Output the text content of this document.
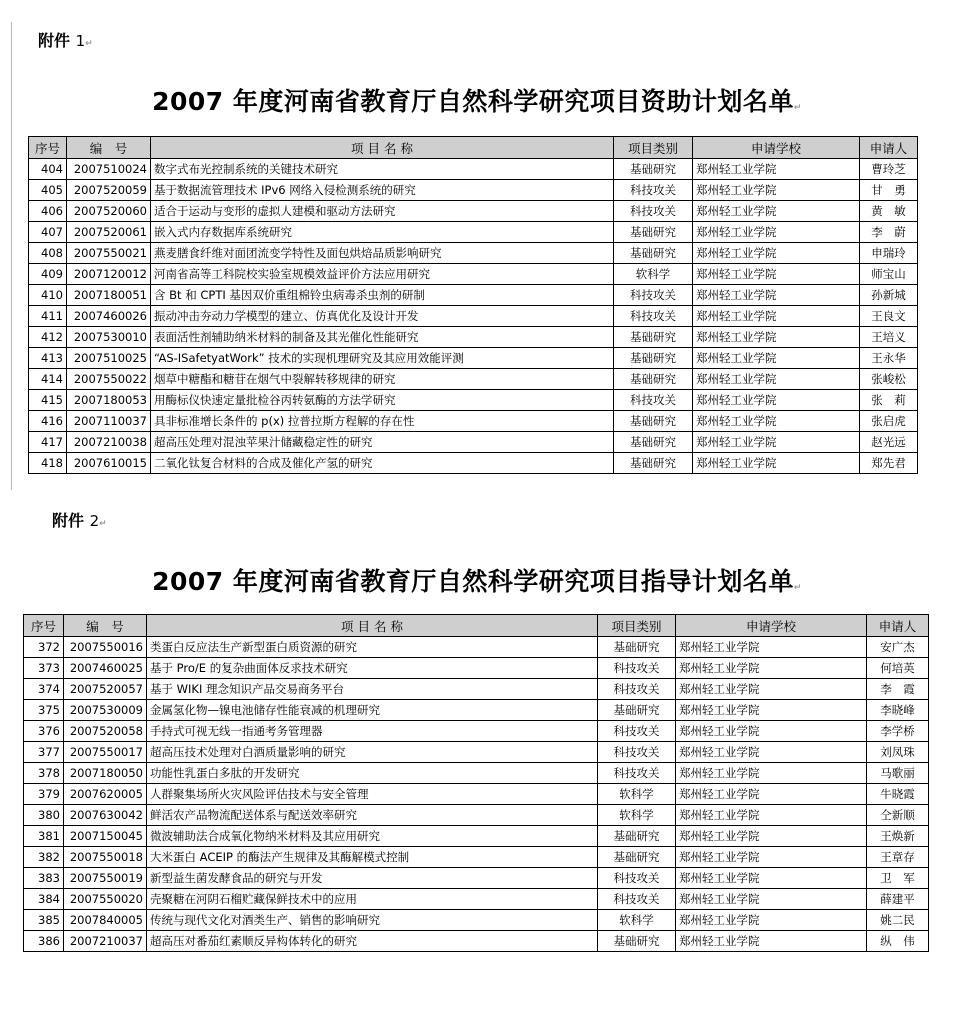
附件 1↵
2007 年度河南省教育厅自然科学研究项目资助计划名单↵
序号	编　号	项 目 名 称	项目类别	申请学校	申请人
404	2007510024	数字式布光控制系统的关键技术研究	基础研究	郑州轻工业学院	曹玲芝
405	2007520059	基于数据流管理技术 IPv6 网络入侵检测系统的研究	科技攻关	郑州轻工业学院	甘　勇
406	2007520060	适合于运动与变形的虚拟人建模和驱动方法研究	科技攻关	郑州轻工业学院	黄　敏
407	2007520061	嵌入式内存数据库系统研究	基础研究	郑州轻工业学院	李　蔚
408	2007550021	燕麦膳食纤维对面团流变学特性及面包烘焙品质影响研究	基础研究	郑州轻工业学院	申瑞玲
409	2007120012	河南省高等工科院校实验室规模效益评价方法应用研究	软科学	郑州轻工业学院	师宝山
410	2007180051	含 Bt 和 CPTI 基因双价重组棉铃虫病毒杀虫剂的研制	科技攻关	郑州轻工业学院	孙新城
411	2007460026	振动冲击夯动力学模型的建立、仿真优化及设计开发	科技攻关	郑州轻工业学院	王良文
412	2007530010	表面活性剂辅助纳米材料的制备及其光催化性能研究	基础研究	郑州轻工业学院	王培义
413	2007510025	“AS-ISafetyatWork” 技术的实现机理研究及其应用效能评测	基础研究	郑州轻工业学院	王永华
414	2007550022	烟草中糖酯和糖苷在烟气中裂解转移规律的研究	基础研究	郑州轻工业学院	张峻松
415	2007180053	用酶标仪快速定量批检谷丙转氨酶的方法学研究	科技攻关	郑州轻工业学院	张　莉
416	2007110037	具非标准增长条件的 p(x) 拉普拉斯方程解的存在性	基础研究	郑州轻工业学院	张启虎
417	2007210038	超高压处理对混浊苹果汁储藏稳定性的研究	基础研究	郑州轻工业学院	赵光远
418	2007610015	二氧化钛复合材料的合成及催化产氢的研究	基础研究	郑州轻工业学院	郑先君
附件 2↵
2007 年度河南省教育厅自然科学研究项目指导计划名单↵
序号	编　号	项 目 名 称	项目类别	申请学校	申请人
372	2007550016	类蛋白反应法生产新型蛋白质资源的研究	基础研究	郑州轻工业学院	安广杰
373	2007460025	基于 Pro/E 的复杂曲面体反求技术研究	科技攻关	郑州轻工业学院	何培英
374	2007520057	基于 WIKI 理念知识产品交易商务平台	科技攻关	郑州轻工业学院	李　霞
375	2007530009	金属氢化物—镍电池储存性能衰减的机理研究	基础研究	郑州轻工业学院	李晓峰
376	2007520058	手持式可视无线一指通考务管理器	科技攻关	郑州轻工业学院	李学桥
377	2007550017	超高压技术处理对白酒质量影响的研究	科技攻关	郑州轻工业学院	刘凤珠
378	2007180050	功能性乳蛋白多肽的开发研究	科技攻关	郑州轻工业学院	马歌丽
379	2007620005	人群聚集场所火灾风险评估技术与安全管理	软科学	郑州轻工业学院	牛晓霞
380	2007630042	鲜活农产品物流配送体系与配送效率研究	软科学	郑州轻工业学院	仝新顺
381	2007150045	微波辅助法合成氧化物纳米材料及其应用研究	基础研究	郑州轻工业学院	王焕新
382	2007550018	大米蛋白 ACEIP 的酶法产生规律及其酶解模式控制	基础研究	郑州轻工业学院	王章存
383	2007550019	新型益生菌发酵食品的研究与开发	科技攻关	郑州轻工业学院	卫　军
384	2007550020	壳聚糖在河阴石榴贮藏保鲜技术中的应用	科技攻关	郑州轻工业学院	薛建平
385	2007840005	传统与现代文化对酒类生产、销售的影响研究	软科学	郑州轻工业学院	姚二民
386	2007210037	超高压对番茄红素顺反异构体转化的研究	基础研究	郑州轻工业学院	纵　伟
